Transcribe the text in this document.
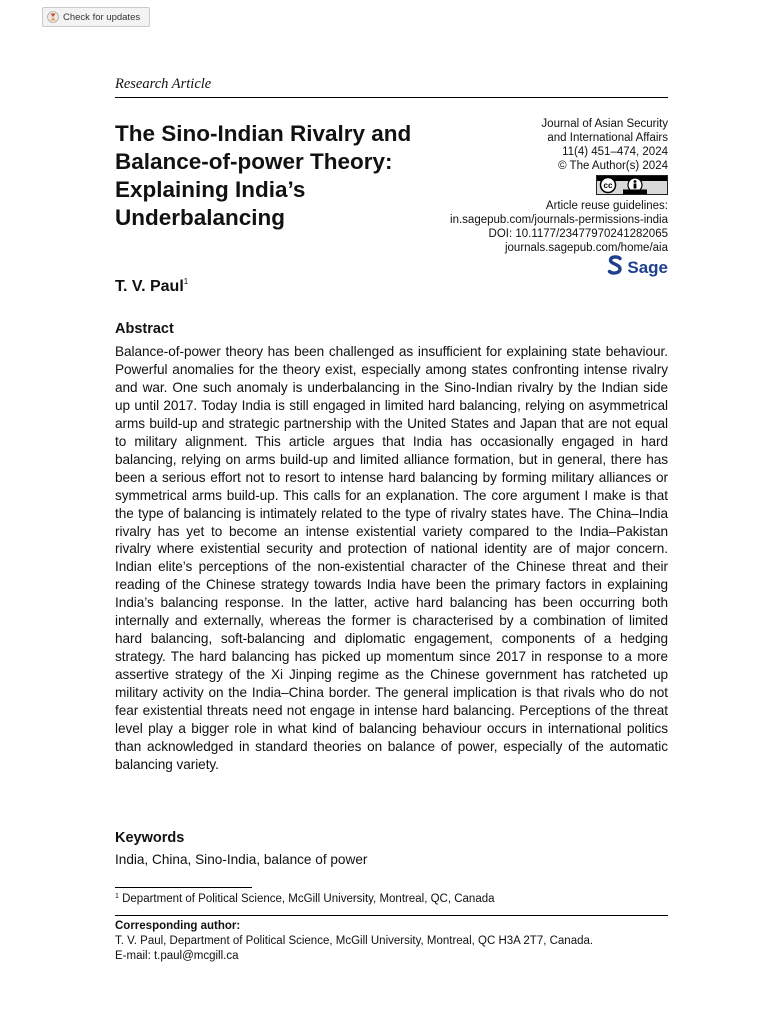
Check for updates
Research Article
The Sino-Indian Rivalry and Balance-of-power Theory: Explaining India’s Underbalancing
Journal of Asian Security
and International Affairs
11(4) 451–474, 2024
© The Author(s) 2024
cc
Article reuse guidelines:
in.sagepub.com/journals-permissions-india
DOI: 10.1177/23477970241282065
journals.sagepub.com/home/aia
Sage
T. V. Paul$^1$
Abstract

Balance-of-power theory has been challenged as insufficient for explaining state behaviour. Powerful anomalies for the theory exist, especially among states confronting intense rivalry and war. One such anomaly is underbalancing in the Sino-Indian rivalry by the Indian side up until 2017. Today India is still engaged in limited hard balancing, relying on asymmetrical arms build-up and strategic partnership with the United States and Japan that are not equal to military alignment. This article argues that India has occasionally engaged in hard balancing, relying on arms build-up and limited alliance formation, but in general, there has been a serious effort not to resort to intense hard balancing by forming military alliances or symmetrical arms build-up. This calls for an explanation. The core argument I make is that the type of balancing is intimately related to the type of rivalry states have. The China–India rivalry has yet to become an intense existential variety compared to the India–Pakistan rivalry where existential security and protection of national identity are of major concern. Indian elite’s perceptions of the non-existential character of the Chinese threat and their reading of the Chinese strategy towards India have been the primary factors in explaining India’s balancing response. In the latter, active hard balancing has been occurring both internally and externally, whereas the former is characterised by a combination of limited hard balancing, soft-balancing and diplomatic engagement, components of a hedging strategy. The hard balancing has picked up momentum since 2017 in response to a more assertive strategy of the Xi Jinping regime as the Chinese government has ratcheted up military activity on the India–China border. The general implication is that rivals who do not fear existential threats need not engage in intense hard balancing. Perceptions of the threat level play a bigger role in what kind of balancing behaviour occurs in international politics than acknowledged in standard theories on balance of power, especially of the automatic balancing variety.

Keywords
India, China, Sino-India, balance of power
$^1$ Department of Political Science, McGill University, Montreal, QC, Canada
Corresponding author:
T. V. Paul, Department of Political Science, McGill University, Montreal, QC H3A 2T7, Canada.
E-mail: t.paul@mcgill.ca
